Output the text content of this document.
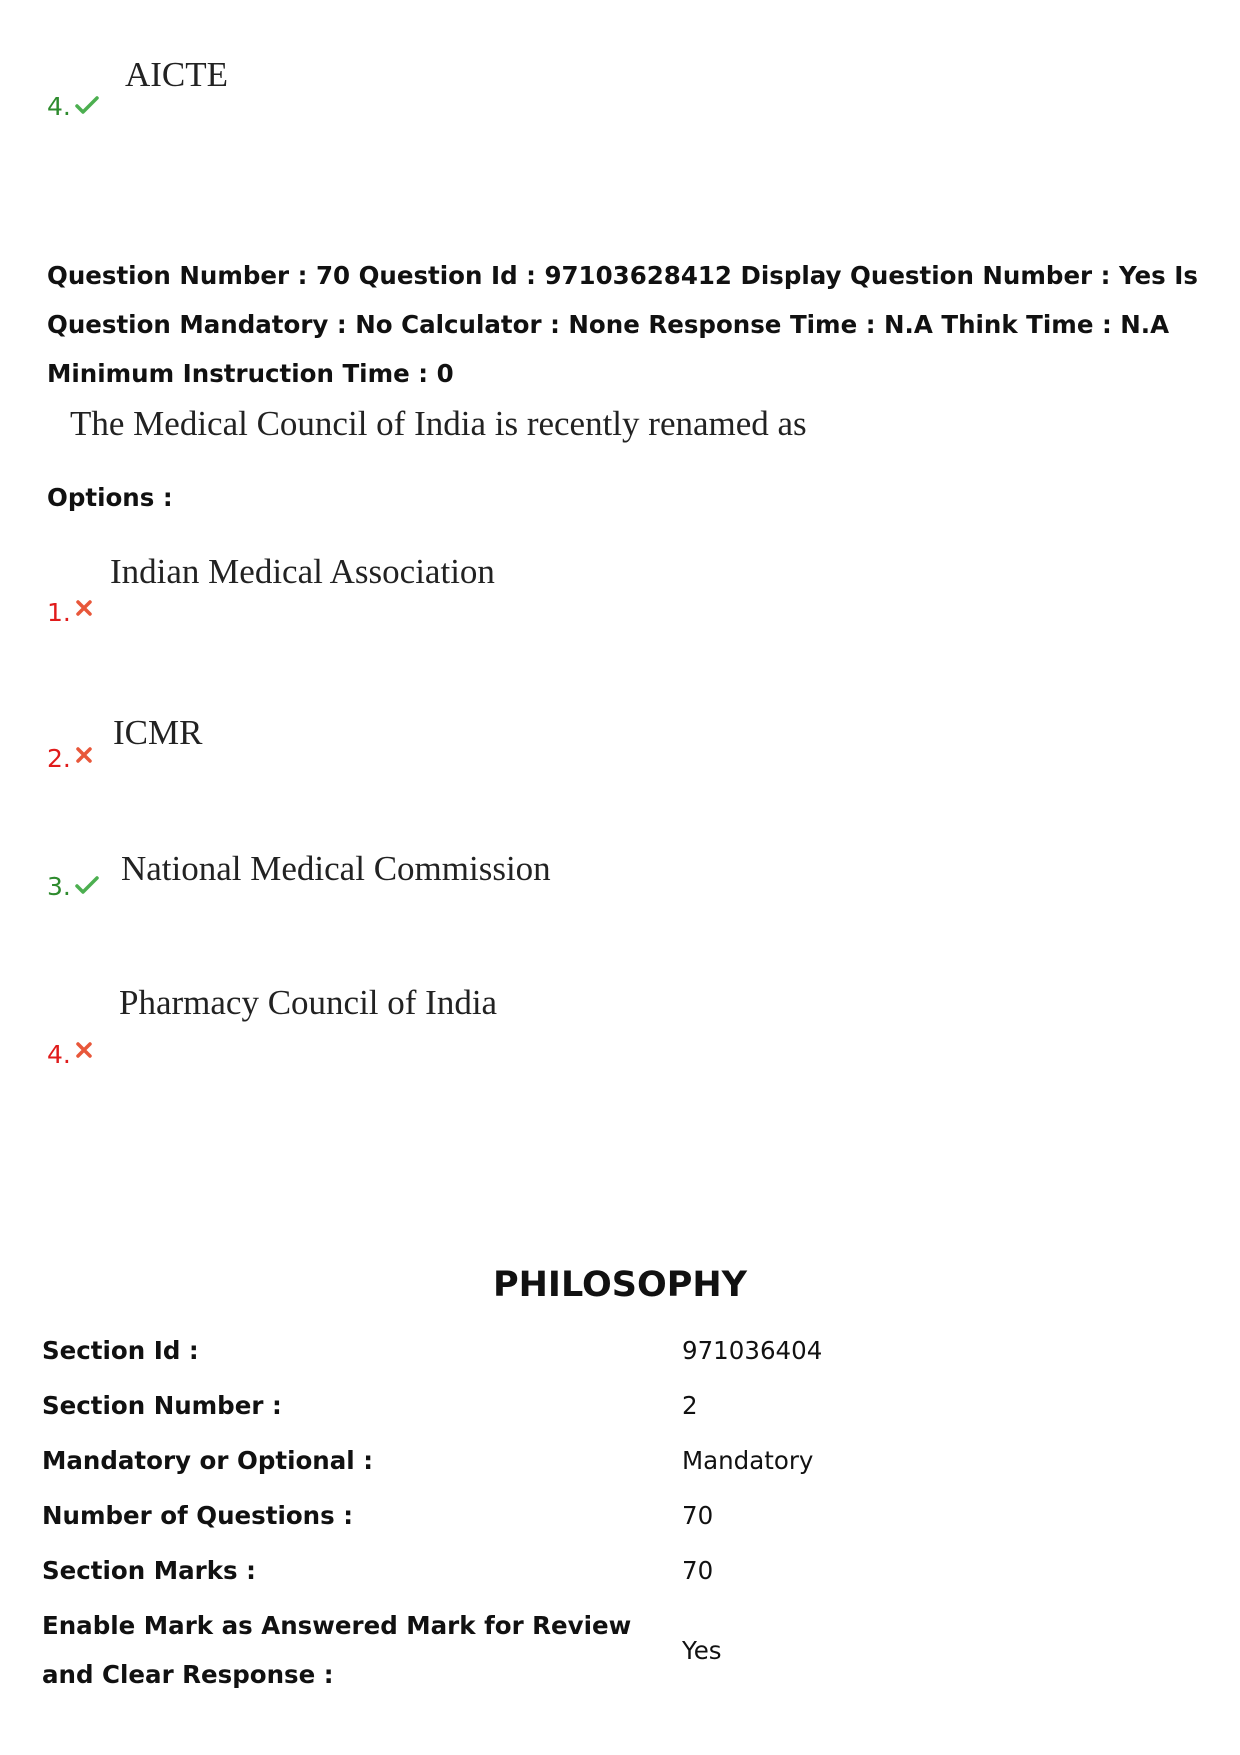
AICTE
4.
Question Number : 70 Question Id : 97103628412 Display Question Number : Yes Is Question Mandatory : No Calculator : None Response Time : N.A Think Time : N.A Minimum Instruction Time : 0
The Medical Council of India is recently renamed as
Options :
Indian Medical Association
1.
ICMR
2.
National Medical Commission
3.
Pharmacy Council of India
4.
PHILOSOPHY
Section Id :	971036404
Section Number :	2
Mandatory or Optional :	Mandatory
Number of Questions :	70
Section Marks :	70
Enable Mark as Answered Mark for Review and Clear Response :
Yes
